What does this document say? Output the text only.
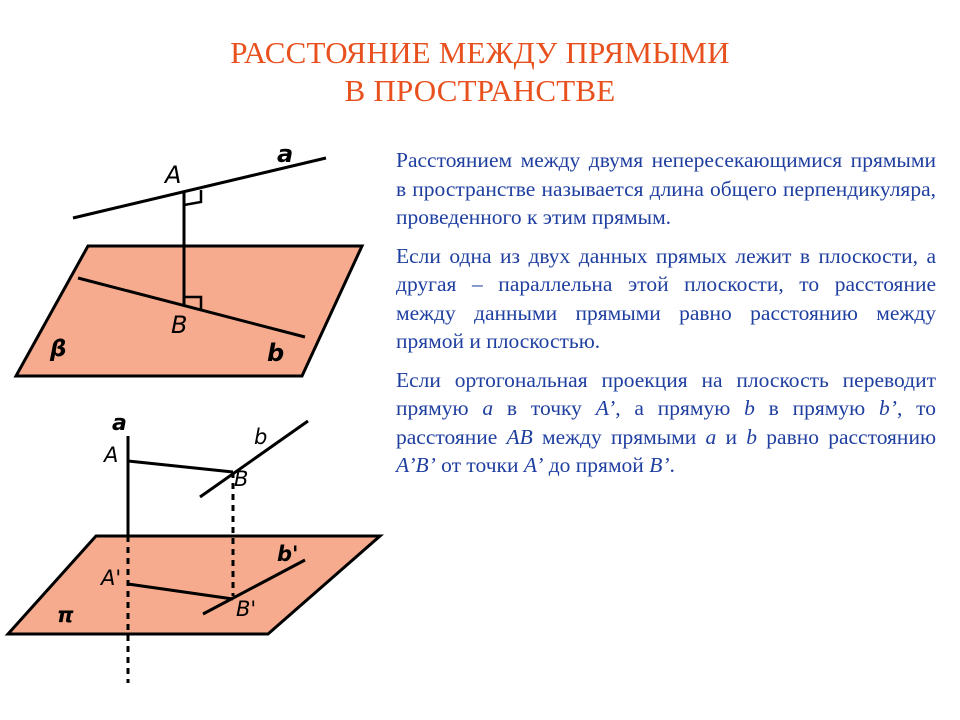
РАССТОЯНИЕ МЕЖДУ ПРЯМЫМИ
В ПРОСТРАНСТВЕ
a
A
B
b
β
a
A
b
B
b'
A'
B'
π

Расстоянием между двумя непересекающимися прямыми в пространстве называется длина общего перпендикуляра, проведенного к этим прямым.

Если одна из двух данных прямых лежит в плоскости, а другая – параллельна этой плоскости, то расстояние между данными прямыми равно расстоянию между прямой и плоскостью.

Если ортогональная проекция на плоскость переводит прямую a в точку A’, а прямую b в прямую b’, то расстояние AB между прямыми a и b равно расстоянию A’B’ от точки A’ до прямой B’.
